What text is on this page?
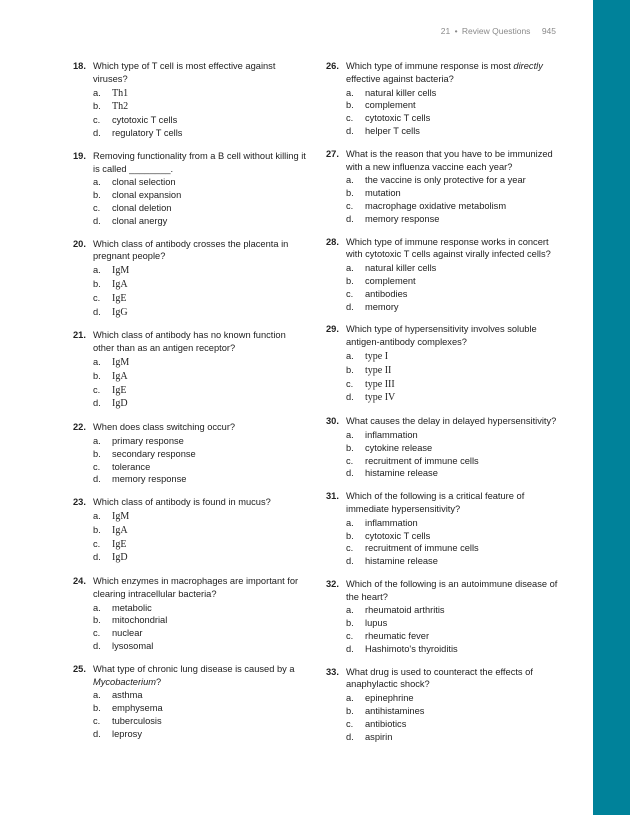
21 • Review Questions 945
18. Which type of T cell is most effective against viruses?
a. Th1
b. Th2
c. cytotoxic T cells
d. regulatory T cells
19. Removing functionality from a B cell without killing it is called ________.
a. clonal selection
b. clonal expansion
c. clonal deletion
d. clonal anergy
20. Which class of antibody crosses the placenta in pregnant people?
a. IgM
b. IgA
c. IgE
d. IgG
21. Which class of antibody has no known function other than as an antigen receptor?
a. IgM
b. IgA
c. IgE
d. IgD
22. When does class switching occur?
a. primary response
b. secondary response
c. tolerance
d. memory response
23. Which class of antibody is found in mucus?
a. IgM
b. IgA
c. IgE
d. IgD
24. Which enzymes in macrophages are important for clearing intracellular bacteria?
a. metabolic
b. mitochondrial
c. nuclear
d. lysosomal
25. What type of chronic lung disease is caused by a Mycobacterium?
a. asthma
b. emphysema
c. tuberculosis
d. leprosy
26. Which type of immune response is most directly effective against bacteria?
a. natural killer cells
b. complement
c. cytotoxic T cells
d. helper T cells
27. What is the reason that you have to be immunized with a new influenza vaccine each year?
a. the vaccine is only protective for a year
b. mutation
c. macrophage oxidative metabolism
d. memory response
28. Which type of immune response works in concert with cytotoxic T cells against virally infected cells?
a. natural killer cells
b. complement
c. antibodies
d. memory
29. Which type of hypersensitivity involves soluble antigen-antibody complexes?
a. type I
b. type II
c. type III
d. type IV
30. What causes the delay in delayed hypersensitivity?
a. inflammation
b. cytokine release
c. recruitment of immune cells
d. histamine release
31. Which of the following is a critical feature of immediate hypersensitivity?
a. inflammation
b. cytotoxic T cells
c. recruitment of immune cells
d. histamine release
32. Which of the following is an autoimmune disease of the heart?
a. rheumatoid arthritis
b. lupus
c. rheumatic fever
d. Hashimoto's thyroiditis
33. What drug is used to counteract the effects of anaphylactic shock?
a. epinephrine
b. antihistamines
c. antibiotics
d. aspirin
